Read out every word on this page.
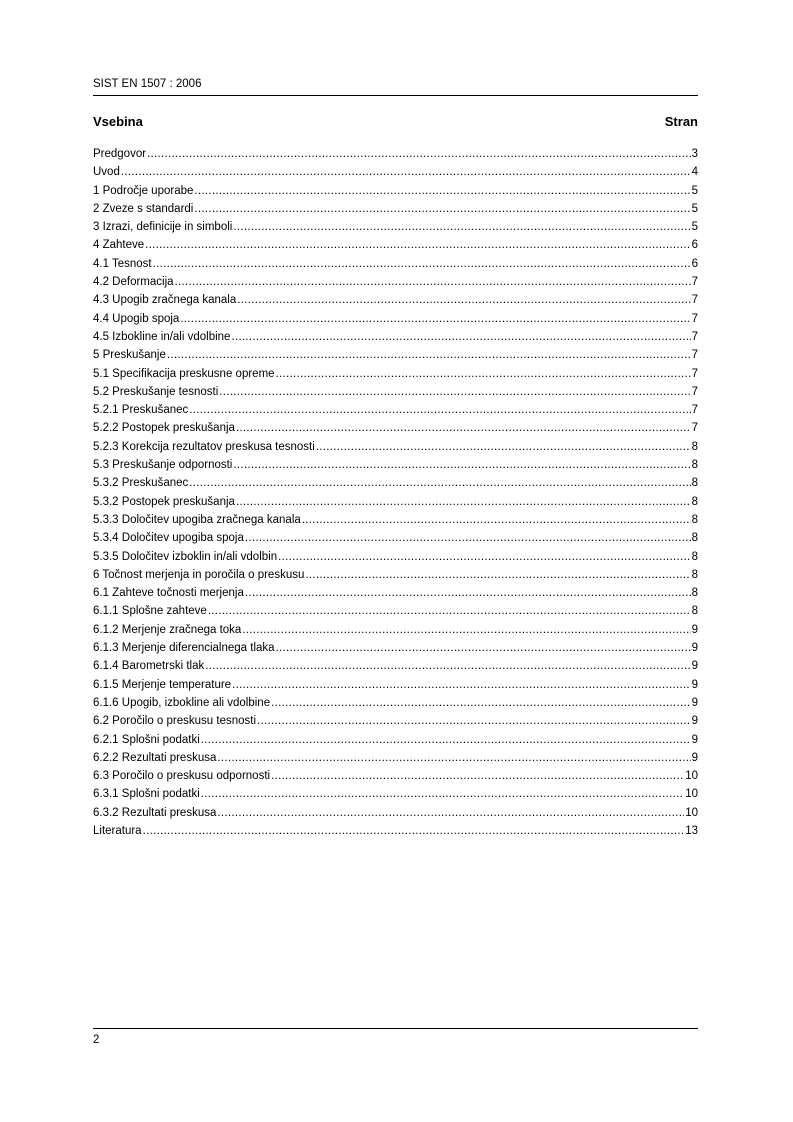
SIST EN 1507 : 2006
Vsebina	Stran
Predgovor .....	3
Uvod .....	4
1 Področje uporabe .....	5
2 Zveze s standardi .....	5
3 Izrazi, definicije in simboli .....	5
4 Zahteve .....	6
4.1 Tesnost .....	6
4.2 Deformacija .....	7
4.3 Upogib zračnega kanala .....	7
4.4 Upogib spoja .....	7
4.5 Izbokline in/ali vdolbine .....	7
5 Preskušanje .....	7
5.1 Specifikacija preskusne opreme .....	7
5.2 Preskušanje tesnosti .....	7
5.2.1 Preskušanec .....	7
5.2.2 Postopek preskušanja .....	7
5.2.3 Korekcija rezultatov preskusa tesnosti .....	8
5.3 Preskušanje odpornosti .....	8
5.3.2 Preskušanec .....	8
5.3.2 Postopek preskušanja .....	8
5.3.3 Določitev upogiba zračnega kanala .....	8
5.3.4 Določitev upogiba spoja .....	8
5.3.5 Določitev izboklin in/ali vdolbin .....	8
6 Točnost merjenja in poročila o preskusu .....	8
6.1 Zahteve točnosti merjenja .....	8
6.1.1 Splošne zahteve .....	8
6.1.2 Merjenje zračnega toka .....	9
6.1.3 Merjenje diferencialnega tlaka .....	9
6.1.4 Barometrski tlak .....	9
6.1.5 Merjenje temperature .....	9
6.1.6 Upogib, izbokline ali vdolbine .....	9
6.2 Poročilo o preskusu tesnosti .....	9
6.2.1 Splošni podatki .....	9
6.2.2 Rezultati preskusa .....	9
6.3 Poročilo o preskusu odpornosti .....	10
6.3.1 Splošni podatki .....	10
6.3.2 Rezultati preskusa .....	10
Literatura .....	13
2
